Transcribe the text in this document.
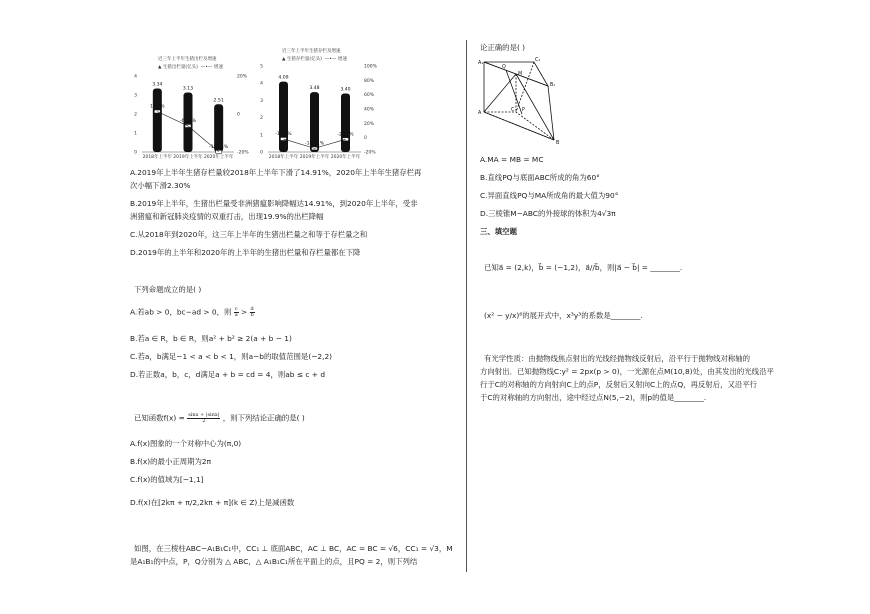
近三年上半年生猪出栏及增速
▲ 生猪出栏量(亿头) —•— 增速
0
1
2
3
4	20%
0
-20%
3.34
1.30%
2018年上半年
3.13
-6.29%
2019年上半年
2.51
-19.91%
2020年上半年
近三年上半年生猪存栏及增速
▲ 生猪存栏量(亿头) —•— 增速
0
1
2
3
4
5	100%
80%
60%
40%
20%
0
-20%
4.09
-1.80%
2018年上半年
3.48
-14.91%
2019年上半年
3.40
-2.30%
2020年上半年
A.2019年上半年生猪存栏量较2018年上半年下滑了14.91%，2020年上半年生猪存栏再
次小幅下滑2.30%
B.2019年上半年，生猪出栏量受非洲猪瘟影响降幅达14.91%，到2020年上半年，受非
洲猪瘟和新冠肺炎疫情的双重打击，出现19.9%的出栏降幅
C.从2018年到2020年，这三年上半年的生猪出栏量之和等于存栏量之和
D.2019年的上半年和2020年的上半年的生猪出栏量和存栏量都在下降
下列命题成立的是( )
A.若ab > 0，bc−ad > 0，则 $\frac{c}{a} > \frac{d}{b}$
B.若a ∈ R，b ∈ R，则a² + b² ≥ 2(a + b − 1)
C.若a，b满足−1 < a < b < 1，则a−b的取值范围是(−2,2)
D.若正数a，b，c，d满足a + b = cd = 4，则ab ≤ c + d
已知函数$f(x) = \frac{\sin x + |\sin x|}{2}$ ，则下列结论正确的是( )
A.f(x)图象的一个对称中心为(π,0)
B.f(x)的最小正周期为2π
C.f(x)的值域为[−1,1]
D.f(x)在[2kπ + π/2,2kπ + π](k ∈ Z)上是减函数
如图，在三棱柱ABC−A₁B₁C₁中，CC₁ ⊥ 底面ABC，AC ⊥ BC，AC = BC = √6，CC₁ = √3，M
是A₁B₁的中点，P，Q分别为 △ ABC，△ A₁B₁C₁所在平面上的点，且PQ = 2，则下列结
论正确的是( )
A₁
C₁
Q
B₁
M
C P
A
B
A.MA = MB = MC
B.直线PQ与底面ABC所成的角为60°
C.异面直线PQ与MA所成角的最大值为90°
D.三棱锥M−ABC的外接球的体积为4√3π
三、填空题
已知a⃗ = (2,k)，b⃗ = (−1,2)，a⃗//b⃗，则|a⃗ − b⃗| = ________.
(x² − y/x)⁶的展开式中，x³y³的系数是________.
有光学性质：由抛物线焦点射出的光线经抛物线反射后，沿平行于抛物线对称轴的
方向射出．已知抛物线C:y² = 2px(p > 0)，一光源在点M(10,8)处，由其发出的光线沿平
行于C的对称轴的方向射向C上的点P，反射后又射向C上的点Q，再反射后，又沿平行
于C的对称轴的方向射出，途中经过点N(5,−2)，则p的值是________.
